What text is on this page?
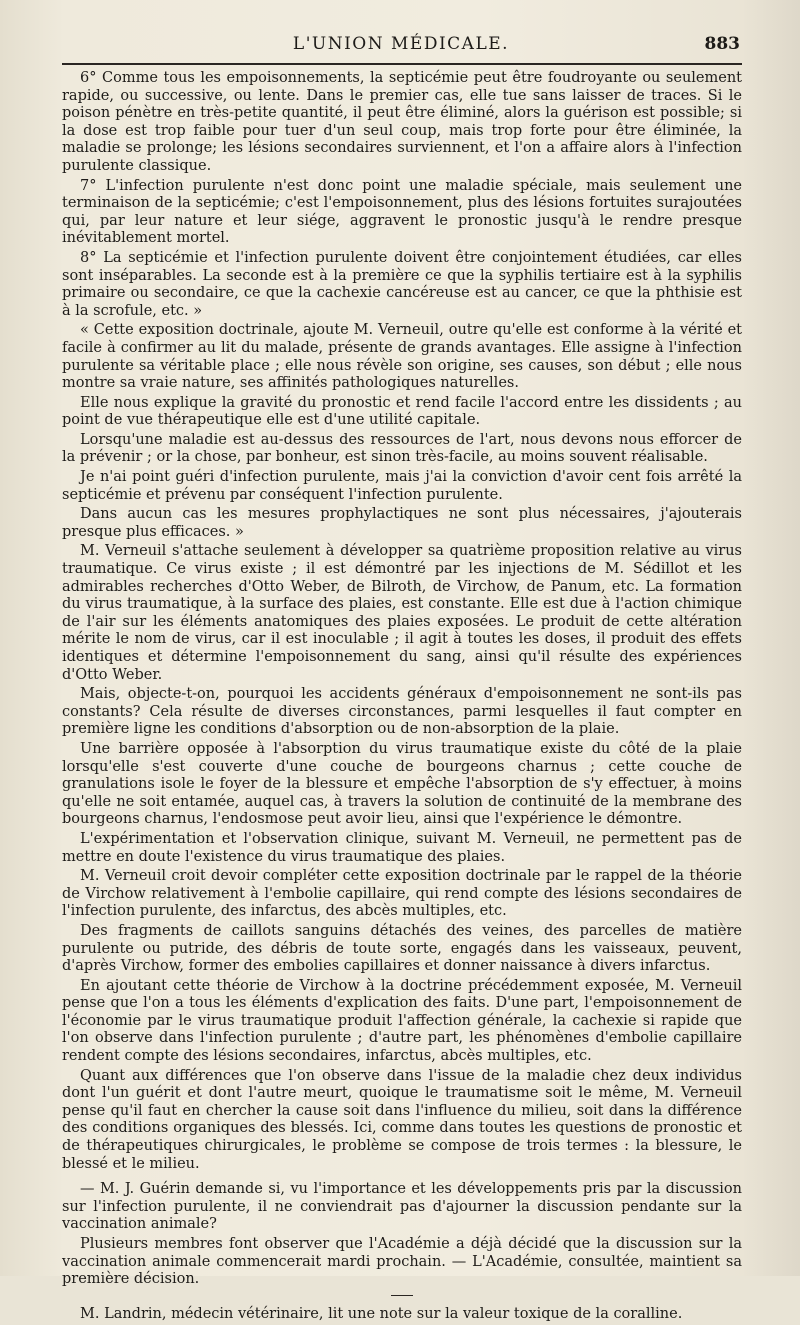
L'UNION MÉDICALE.	883

6° Comme tous les empoisonnements, la septicémie peut être foudroyante ou seulement rapide, ou successive, ou lente. Dans le premier cas, elle tue sans laisser de traces. Si le poison pénètre en très-petite quantité, il peut être éliminé, alors la guérison est possible; si la dose est trop faible pour tuer d'un seul coup, mais trop forte pour être éliminée, la maladie se prolonge; les lésions secondaires surviennent, et l'on a affaire alors à l'infection purulente classique.

7° L'infection purulente n'est donc point une maladie spéciale, mais seulement une terminaison de la septicémie; c'est l'empoisonnement, plus des lésions fortuites surajoutées qui, par leur nature et leur siége, aggravent le pronostic jusqu'à le rendre presque inévitablement mortel.

8° La septicémie et l'infection purulente doivent être conjointement étudiées, car elles sont inséparables. La seconde est à la première ce que la syphilis tertiaire est à la syphilis primaire ou secondaire, ce que la cachexie cancéreuse est au cancer, ce que la phthisie est à la scrofule, etc. »

« Cette exposition doctrinale, ajoute M. Verneuil, outre qu'elle est conforme à la vérité et facile à confirmer au lit du malade, présente de grands avantages. Elle assigne à l'infection purulente sa véritable place ; elle nous révèle son origine, ses causes, son début ; elle nous montre sa vraie nature, ses affinités pathologiques naturelles.

Elle nous explique la gravité du pronostic et rend facile l'accord entre les dissidents ; au point de vue thérapeutique elle est d'une utilité capitale.

Lorsqu'une maladie est au-dessus des ressources de l'art, nous devons nous efforcer de la prévenir ; or la chose, par bonheur, est sinon très-facile, au moins souvent réalisable.

Je n'ai point guéri d'infection purulente, mais j'ai la conviction d'avoir cent fois arrêté la septicémie et prévenu par conséquent l'infection purulente.

Dans aucun cas les mesures prophylactiques ne sont plus nécessaires, j'ajouterais presque plus efficaces. »

M. Verneuil s'attache seulement à développer sa quatrième proposition relative au virus traumatique. Ce virus existe ; il est démontré par les injections de M. Sédillot et les admirables recherches d'Otto Weber, de Bilroth, de Virchow, de Panum, etc. La formation du virus traumatique, à la surface des plaies, est constante. Elle est due à l'action chimique de l'air sur les éléments anatomiques des plaies exposées. Le produit de cette altération mérite le nom de virus, car il est inoculable ; il agit à toutes les doses, il produit des effets identiques et détermine l'empoisonnement du sang, ainsi qu'il résulte des expériences d'Otto Weber.

Mais, objecte-t-on, pourquoi les accidents généraux d'empoisonnement ne sont-ils pas constants? Cela résulte de diverses circonstances, parmi lesquelles il faut compter en première ligne les conditions d'absorption ou de non-absorption de la plaie.

Une barrière opposée à l'absorption du virus traumatique existe du côté de la plaie lorsqu'elle s'est couverte d'une couche de bourgeons charnus ; cette couche de granulations isole le foyer de la blessure et empêche l'absorption de s'y effectuer, à moins qu'elle ne soit entamée, auquel cas, à travers la solution de continuité de la membrane des bourgeons charnus, l'endosmose peut avoir lieu, ainsi que l'expérience le démontre.

L'expérimentation et l'observation clinique, suivant M. Verneuil, ne permettent pas de mettre en doute l'existence du virus traumatique des plaies.

M. Verneuil croit devoir compléter cette exposition doctrinale par le rappel de la théorie de Virchow relativement à l'embolie capillaire, qui rend compte des lésions secondaires de l'infection purulente, des infarctus, des abcès multiples, etc.

Des fragments de caillots sanguins détachés des veines, des parcelles de matière purulente ou putride, des débris de toute sorte, engagés dans les vaisseaux, peuvent, d'après Virchow, former des embolies capillaires et donner naissance à divers infarctus.

En ajoutant cette théorie de Virchow à la doctrine précédemment exposée, M. Verneuil pense que l'on a tous les éléments d'explication des faits. D'une part, l'empoisonnement de l'économie par le virus traumatique produit l'affection générale, la cachexie si rapide que l'on observe dans l'infection purulente ; d'autre part, les phénomènes d'embolie capillaire rendent compte des lésions secondaires, infarctus, abcès multiples, etc.

Quant aux différences que l'on observe dans l'issue de la maladie chez deux individus dont l'un guérit et dont l'autre meurt, quoique le traumatisme soit le même, M. Verneuil pense qu'il faut en chercher la cause soit dans l'influence du milieu, soit dans la différence des conditions organiques des blessés. Ici, comme dans toutes les questions de pronostic et de thérapeutiques chirurgicales, le problème se compose de trois termes : la blessure, le blessé et le milieu.

— M. J. Guérin demande si, vu l'importance et les développements pris par la discussion sur l'infection purulente, il ne conviendrait pas d'ajourner la discussion pendante sur la vaccination animale?

Plusieurs membres font observer que l'Académie a déjà décidé que la discussion sur la vaccination animale commencerait mardi prochain. — L'Académie, consultée, maintient sa première décision.

M. Landrin, médecin vétérinaire, lit une note sur la valeur toxique de la coralline.
